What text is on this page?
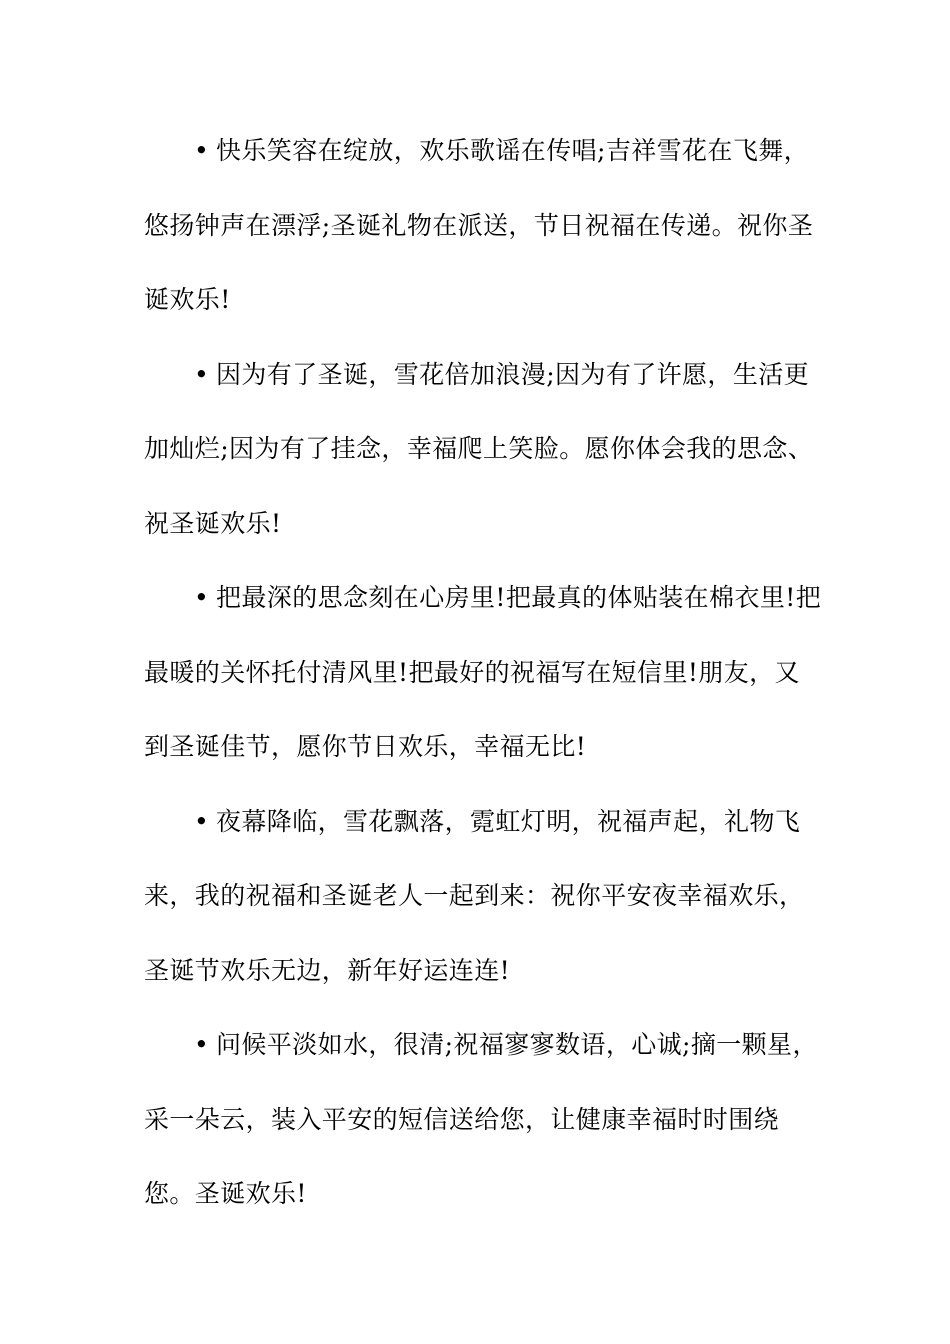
• 快乐笑容在绽放，欢乐歌谣在传唱;吉祥雪花在飞舞，悠扬钟声在漂浮;圣诞礼物在派送，节日祝福在传递。祝你圣诞欢乐!

• 因为有了圣诞，雪花倍加浪漫;因为有了许愿，生活更加灿烂;因为有了挂念，幸福爬上笑脸。愿你体会我的思念、祝圣诞欢乐!

• 把最深的思念刻在心房里!把最真的体贴装在棉衣里!把最暖的关怀托付清风里!把最好的祝福写在短信里!朋友，又到圣诞佳节，愿你节日欢乐，幸福无比!

• 夜幕降临，雪花飘落，霓虹灯明，祝福声起，礼物飞来，我的祝福和圣诞老人一起到来：祝你平安夜幸福欢乐，圣诞节欢乐无边，新年好运连连!

• 问候平淡如水，很清;祝福寥寥数语，心诚;摘一颗星，采一朵云，装入平安的短信送给您，让健康幸福时时围绕您。圣诞欢乐!
